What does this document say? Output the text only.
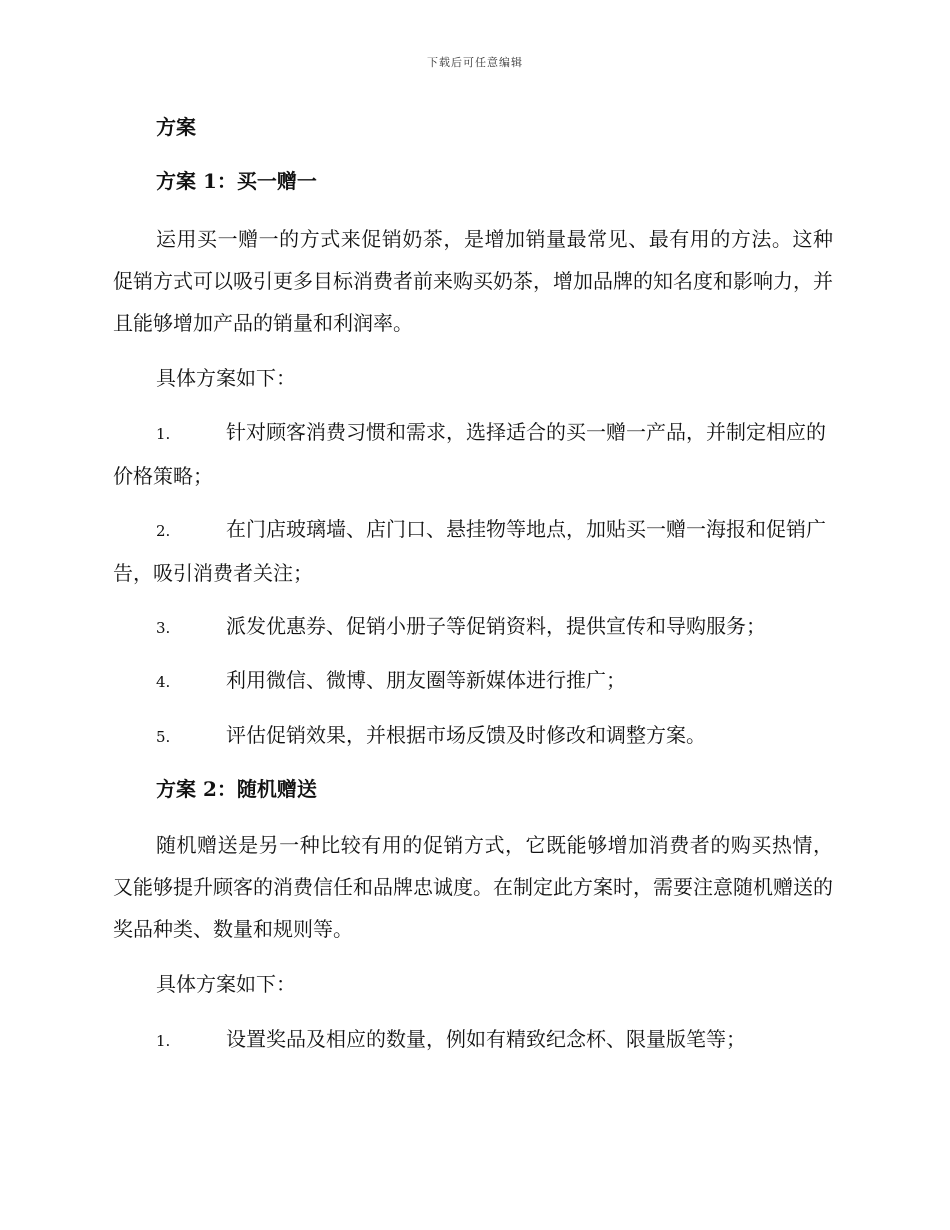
下载后可任意编辑
方案
方案 1：买一赠一
运用买一赠一的方式来促销奶茶，是增加销量最常见、最有用的方法。这种促销方式可以吸引更多目标消费者前来购买奶茶，增加品牌的知名度和影响力，并且能够增加产品的销量和利润率。
具体方案如下：
1.	针对顾客消费习惯和需求，选择适合的买一赠一产品，并制定相应的价格策略；
2.	在门店玻璃墙、店门口、悬挂物等地点，加贴买一赠一海报和促销广告，吸引消费者关注；
3.	派发优惠券、促销小册子等促销资料，提供宣传和导购服务；
4.	利用微信、微博、朋友圈等新媒体进行推广；
5.	评估促销效果，并根据市场反馈及时修改和调整方案。
方案 2：随机赠送
随机赠送是另一种比较有用的促销方式，它既能够增加消费者的购买热情，又能够提升顾客的消费信任和品牌忠诚度。在制定此方案时，需要注意随机赠送的奖品种类、数量和规则等。
具体方案如下：
1.	设置奖品及相应的数量，例如有精致纪念杯、限量版笔等；
